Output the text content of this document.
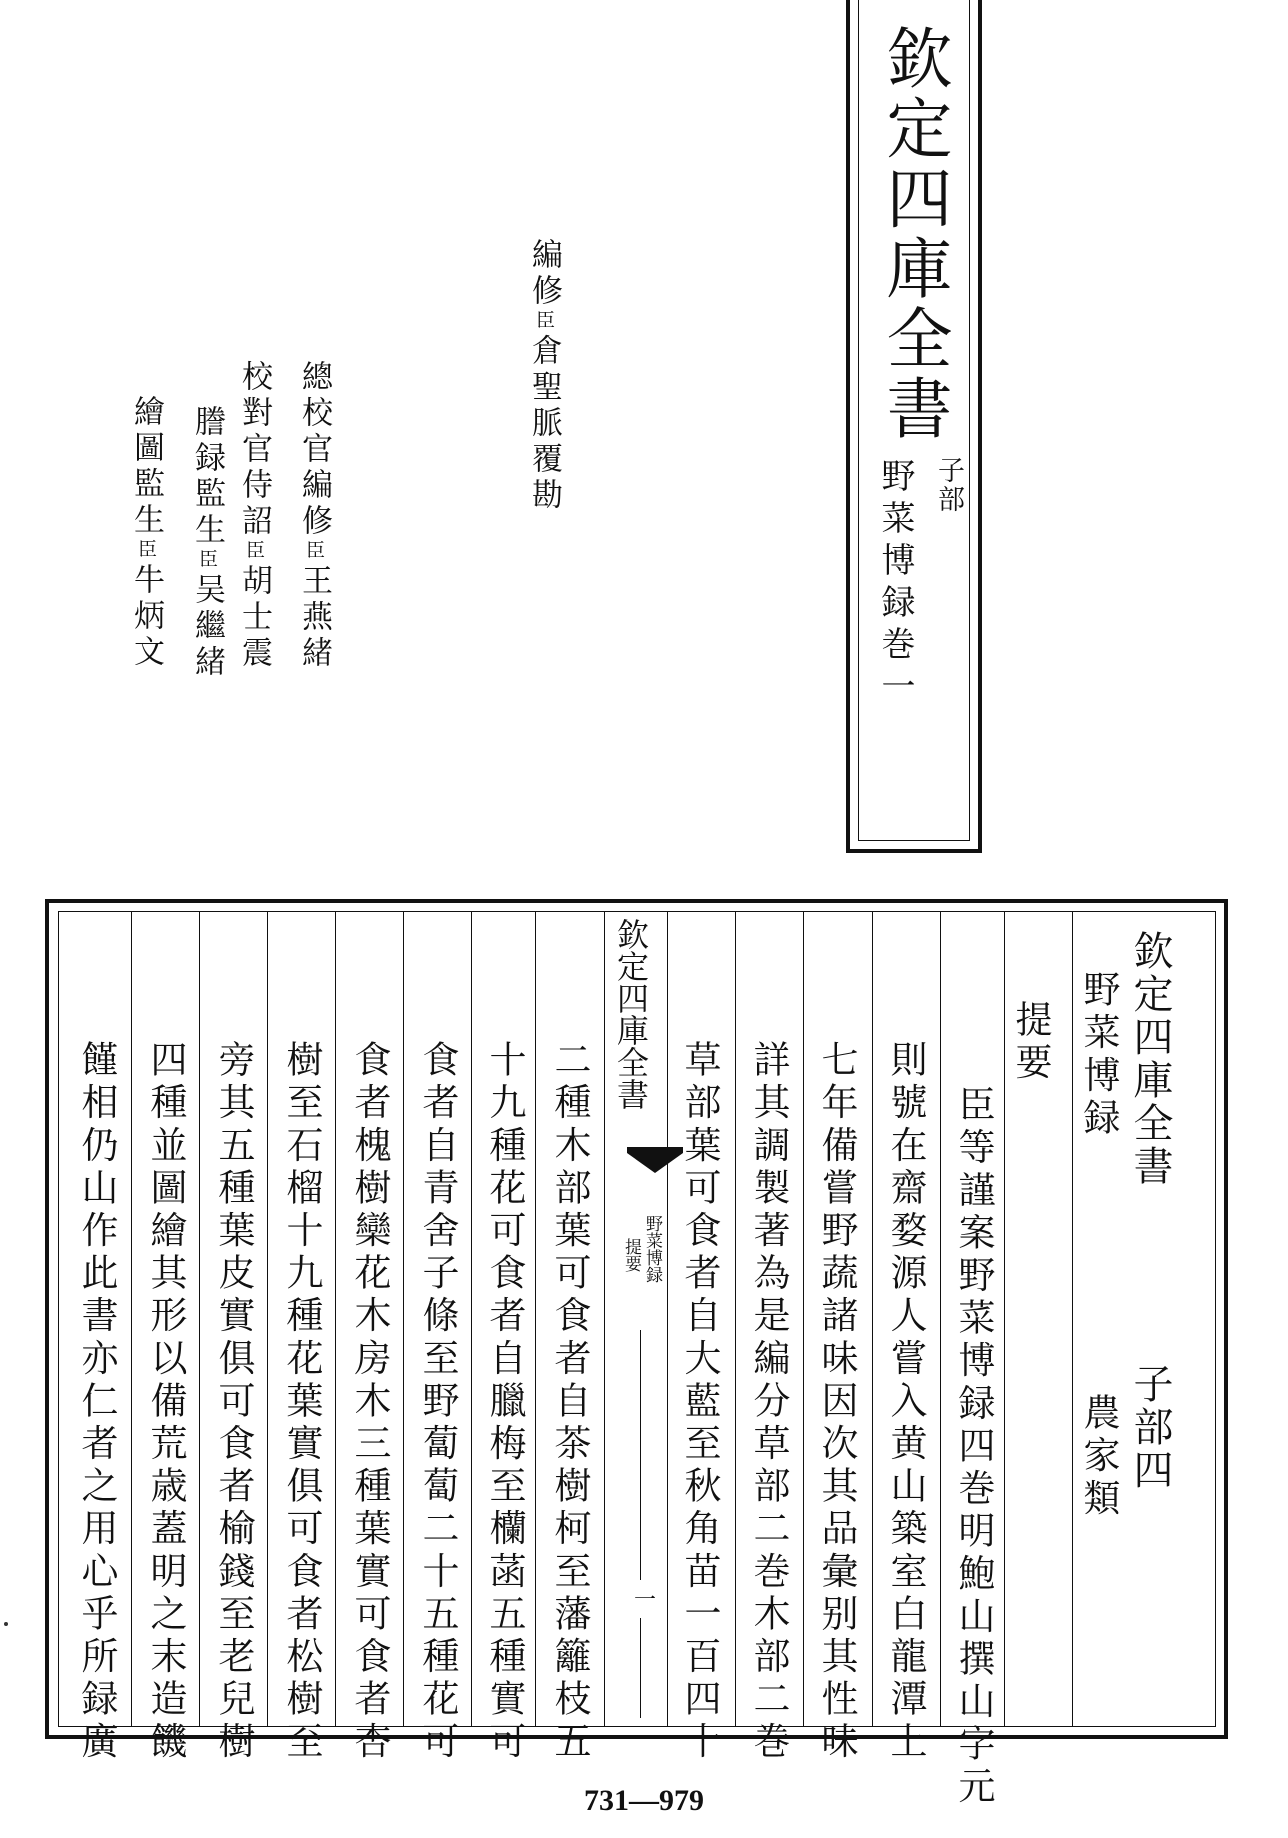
欽定四庫全書
野菜博録巻一 子部
編修臣倉聖脈覆勘
總校官編修臣王燕緒
校對官侍詔臣胡士震
謄録監生臣吴繼緒
繪圖監生臣牛炳文
欽定四庫全書
野菜博録
提要
一
欽定四庫全書
子部四
野菜博録
農家類
提要
臣等謹案野菜博録四巻明鮑山撰山字元
則號在齋婺源人嘗入黄山築室白龍潭上
七年備嘗野蔬諸味因次其品彙别其性味
詳其調製著為是編分草部二巻木部二巻
草部葉可食者自大藍至秋角苗一百四十
二種木部葉可食者自茶樹柯至藩籬枝五
十九種花可食者自臘梅至欗菡五種實可
食者自青舍子條至野蔔蔔二十五種花可
食者槐樹欒花木房木三種葉實可食者杏
樹至石榴十九種花葉實俱可食者松樹至
旁其五種葉皮實俱可食者榆錢至老兒樹
四種並圖繪其形以備荒歳蓋明之末造饑
饉相仍山作此書亦仁者之用心乎所録廣
731—979
